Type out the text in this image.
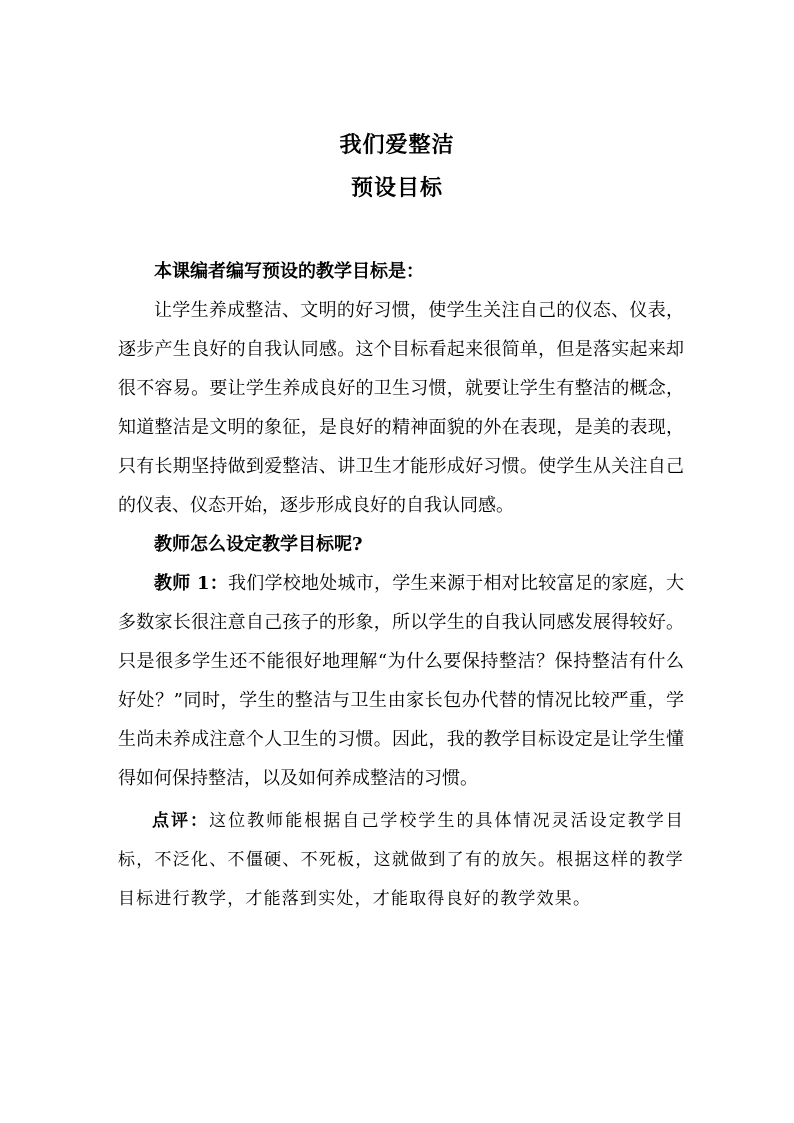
我们爱整洁
预设目标

本课编者编写预设的教学目标是：

让学生养成整洁、文明的好习惯，使学生关注自己的仪态、仪表，逐步产生良好的自我认同感。这个目标看起来很简单，但是落实起来却很不容易。要让学生养成良好的卫生习惯，就要让学生有整洁的概念，知道整洁是文明的象征，是良好的精神面貌的外在表现，是美的表现，只有长期坚持做到爱整洁、讲卫生才能形成好习惯。使学生从关注自己的仪表、仪态开始，逐步形成良好的自我认同感。

教师怎么设定教学目标呢?

教师 1：我们学校地处城市，学生来源于相对比较富足的家庭，大多数家长很注意自己孩子的形象，所以学生的自我认同感发展得较好。只是很多学生还不能很好地理解“为什么要保持整洁？保持整洁有什么好处？”同时，学生的整洁与卫生由家长包办代替的情况比较严重，学生尚未养成注意个人卫生的习惯。因此，我的教学目标设定是让学生懂得如何保持整洁，以及如何养成整洁的习惯。

点评：这位教师能根据自己学校学生的具体情况灵活设定教学目标，不泛化、不僵硬、不死板，这就做到了有的放矢。根据这样的教学目标进行教学，才能落到实处，才能取得良好的教学效果。
